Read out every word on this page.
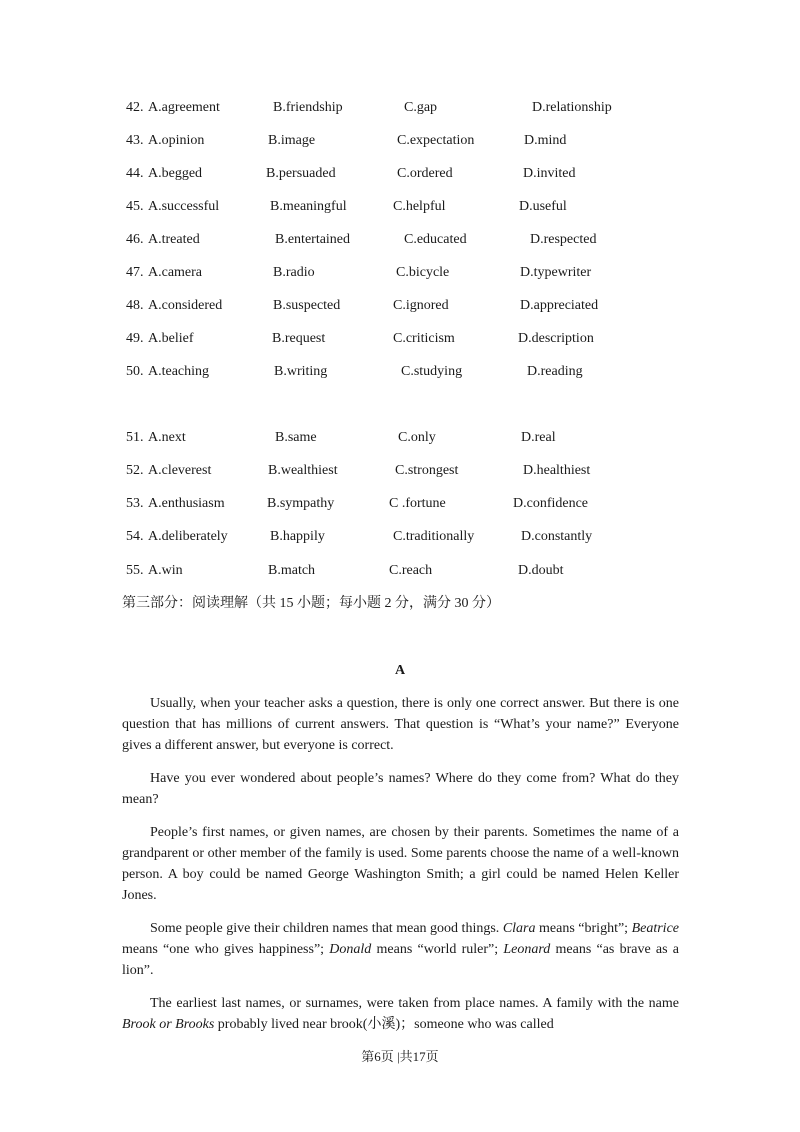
42. A.agreement	B.friendship	C.gap	D.relationship
43. A.opinion	B.image	C.expectation	D.mind
44. A.begged	B.persuaded	C.ordered	D.invited
45. A.successful	B.meaningful	C.helpful	D.useful
46. A.treated	B.entertained	C.educated	D.respected
47. A.camera	B.radio	C.bicycle	D.typewriter
48. A.considered	B.suspected	C.ignored	D.appreciated
49. A.belief	B.request	C.criticism	D.description
50. A.teaching	B.writing	C.studying	D.reading
51. A.next	B.same	C.only	D.real
52. A.cleverest	B.wealthiest	C.strongest	D.healthiest
53. A.enthusiasm	B.sympathy	C .fortune	D.confidence
54. A.deliberately	B.happily	C.traditionally	D.constantly
55. A.win	B.match	C.reach	D.doubt
第三部分：阅读理解（共 15 小题；每小题 2 分，满分 30 分）
A

Usually, when your teacher asks a question, there is only one correct answer. But there is one question that has millions of current answers. That question is “What’s your name?” Everyone gives a different answer, but everyone is correct.

Have you ever wondered about people’s names? Where do they come from? What do they mean?

People’s first names, or given names, are chosen by their parents. Sometimes the name of a grandparent or other member of the family is used. Some parents choose the name of a well-known person. A boy could be named George Washington Smith; a girl could be named Helen Keller Jones.

Some people give their children names that mean good things. Clara means “bright”; Beatrice means “one who gives happiness”; Donald means “world ruler”; Leonard means “as brave as a lion”.

The earliest last names, or surnames, were taken from place names. A family with the name Brook or Brooks probably lived near brook(小溪)；someone who was called

第6页 |共17页
